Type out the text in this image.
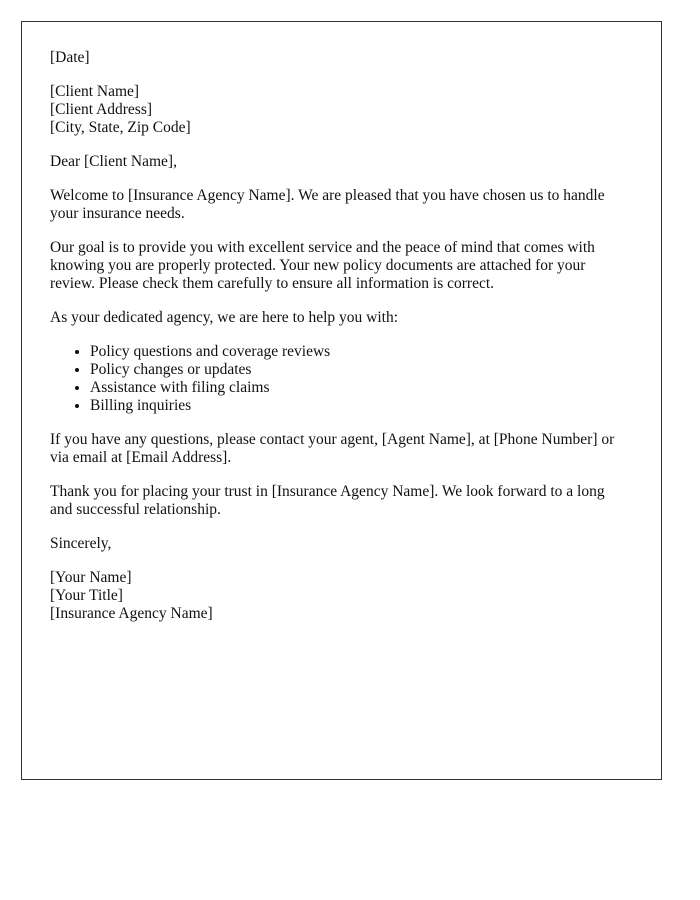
[Date]
[Client Name]
[Client Address]
[City, State, Zip Code]
Dear [Client Name],
Welcome to [Insurance Agency Name]. We are pleased that you have chosen us to handle
your insurance needs.
Our goal is to provide you with excellent service and the peace of mind that comes with
knowing you are properly protected. Your new policy documents are attached for your
review. Please check them carefully to ensure all information is correct.
As your dedicated agency, we are here to help you with:
• Policy questions and coverage reviews
• Policy changes or updates
• Assistance with filing claims
• Billing inquiries
If you have any questions, please contact your agent, [Agent Name], at [Phone Number] or
via email at [Email Address].
Thank you for placing your trust in [Insurance Agency Name]. We look forward to a long
and successful relationship.
Sincerely,
[Your Name]
[Your Title]
[Insurance Agency Name]
